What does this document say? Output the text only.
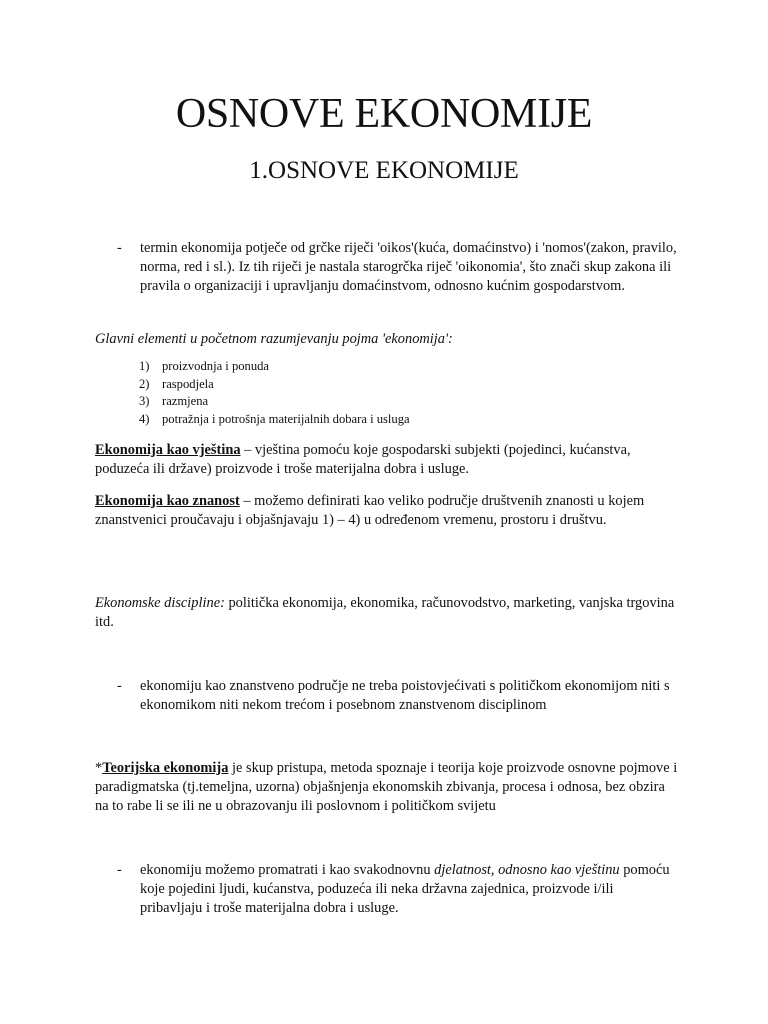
OSNOVE EKONOMIJE
1.OSNOVE EKONOMIJE
-	termin ekonomija potječe od grčke riječi 'oikos'(kuća, domaćinstvo) i 'nomos'(zakon, pravilo, norma, red i sl.). Iz tih riječi je nastala starogrčka riječ 'oikonomia', što znači skup zakona ili pravila o organizaciji i upravljanju domaćinstvom, odnosno kućnim gospodarstvom.

Glavni elementi u početnom razumjevanju pojma 'ekonomija':

1) proizvodnja i ponuda
2) raspodjela
3) razmjena
4) potražnja i potrošnja materijalnih dobara i usluga

Ekonomija kao vještina – vještina pomoću koje gospodarski subjekti (pojedinci, kućanstva, poduzeća ili države) proizvode i troše materijalna dobra i usluge.

Ekonomija kao znanost – možemo definirati kao veliko područje društvenih znanosti u kojem znanstvenici proučavaju i objašnjavaju 1) – 4) u određenom vremenu, prostoru i društvu.

Ekonomske discipline: politička ekonomija, ekonomika, računovodstvo, marketing, vanjska trgovina itd.

-	ekonomiju kao znanstveno područje ne treba poistovjećivati s političkom ekonomijom niti s ekonomikom niti nekom trećom i posebnom znanstvenom disciplinom

*Teorijska ekonomija je skup pristupa, metoda spoznaje i teorija koje proizvode osnovne pojmove i paradigmatska (tj.temeljna, uzorna) objašnjenja ekonomskih zbivanja, procesa i odnosa, bez obzira na to rabe li se ili ne u obrazovanju ili poslovnom i političkom svijetu

-	ekonomiju možemo promatrati i kao svakodnovnu djelatnost, odnosno kao vještinu pomoću koje pojedini ljudi, kućanstva, poduzeća ili neka državna zajednica, proizvode i/ili pribavljaju i troše materijalna dobra i usluge.
